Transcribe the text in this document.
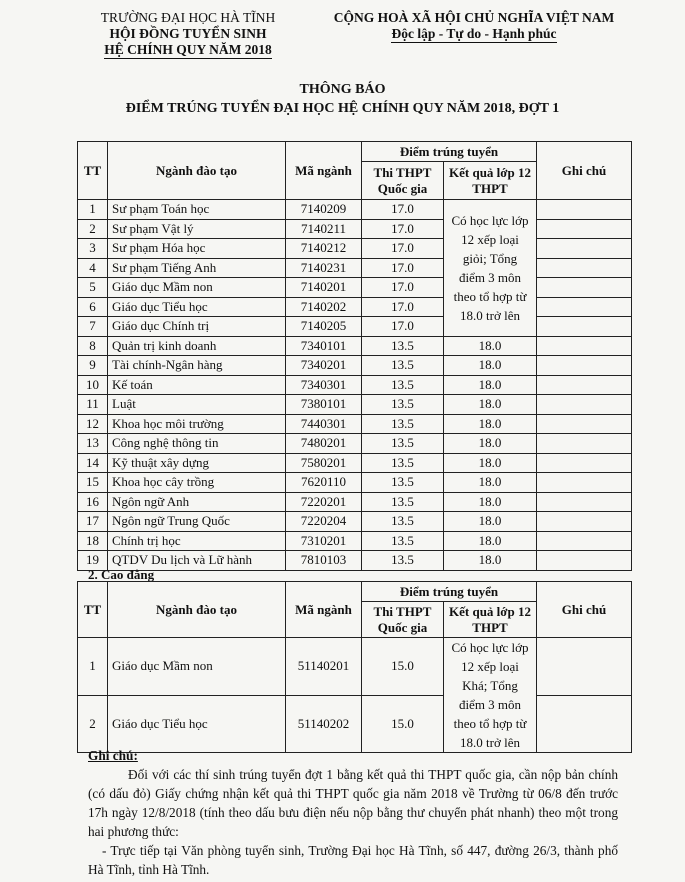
TRƯỜNG ĐẠI HỌC HÀ TĨNH
HỘI ĐỒNG TUYỂN SINH
HỆ CHÍNH QUY NĂM 2018
CỘNG HOÀ XÃ HỘI CHỦ NGHĨA VIỆT NAM
Độc lập - Tự do - Hạnh phúc
THÔNG BÁO
ĐIỂM TRÚNG TUYỂN ĐẠI HỌC HỆ CHÍNH QUY NĂM 2018, ĐỢT 1
TT	Ngành đào tạo	Mã ngành	Điểm trúng tuyển		Ghi chú
			Thi THPT Quốc gia	Kết quả lớp 12 THPT	
1	Sư phạm Toán học	7140209	17.0	Có học lực lớp 12 xếp loại giỏi; Tổng điểm 3 môn theo tổ hợp từ 18.0 trở lên	
2	Sư phạm Vật lý	7140211	17.0		
3	Sư phạm Hóa học	7140212	17.0		
4	Sư phạm Tiếng Anh	7140231	17.0		
5	Giáo dục Mầm non	7140201	17.0		
6	Giáo dục Tiểu học	7140202	17.0		
7	Giáo dục Chính trị	7140205	17.0		
8	Quản trị kinh doanh	7340101	13.5	18.0	
9	Tài chính-Ngân hàng	7340201	13.5	18.0	
10	Kế toán	7340301	13.5	18.0	
11	Luật	7380101	13.5	18.0	
12	Khoa học môi trường	7440301	13.5	18.0	
13	Công nghệ thông tin	7480201	13.5	18.0	
14	Kỹ thuật xây dựng	7580201	13.5	18.0	
15	Khoa học cây trồng	7620110	13.5	18.0	
16	Ngôn ngữ Anh	7220201	13.5	18.0	
17	Ngôn ngữ Trung Quốc	7220204	13.5	18.0	
18	Chính trị học	7310201	13.5	18.0	
19	QTDV Du lịch và Lữ hành	7810103	13.5	18.0	
2. Cao đẳng
TT	Ngành đào tạo	Mã ngành	Điểm trúng tuyển		Ghi chú
			Thi THPT Quốc gia	Kết quả lớp 12 THPT	
1	Giáo dục Mầm non	51140201	15.0	Có học lực lớp 12 xếp loại Khá; Tổng điểm 3 môn theo tổ hợp từ 18.0 trở lên	
2	Giáo dục Tiểu học	51140202	15.0		
Ghi chú:

Đối với các thí sinh trúng tuyển đợt 1 bằng kết quả thi THPT quốc gia, cần nộp bản chính (có dấu đỏ) Giấy chứng nhận kết quả thi THPT quốc gia năm 2018 về Trường từ 06/8 đến trước 17h ngày 12/8/2018 (tính theo dấu bưu điện nếu nộp bằng thư chuyển phát nhanh) theo một trong hai phương thức:

- Trực tiếp tại Văn phòng tuyển sinh, Trường Đại học Hà Tĩnh, số 447, đường 26/3, thành phố Hà Tĩnh, tỉnh Hà Tĩnh.
